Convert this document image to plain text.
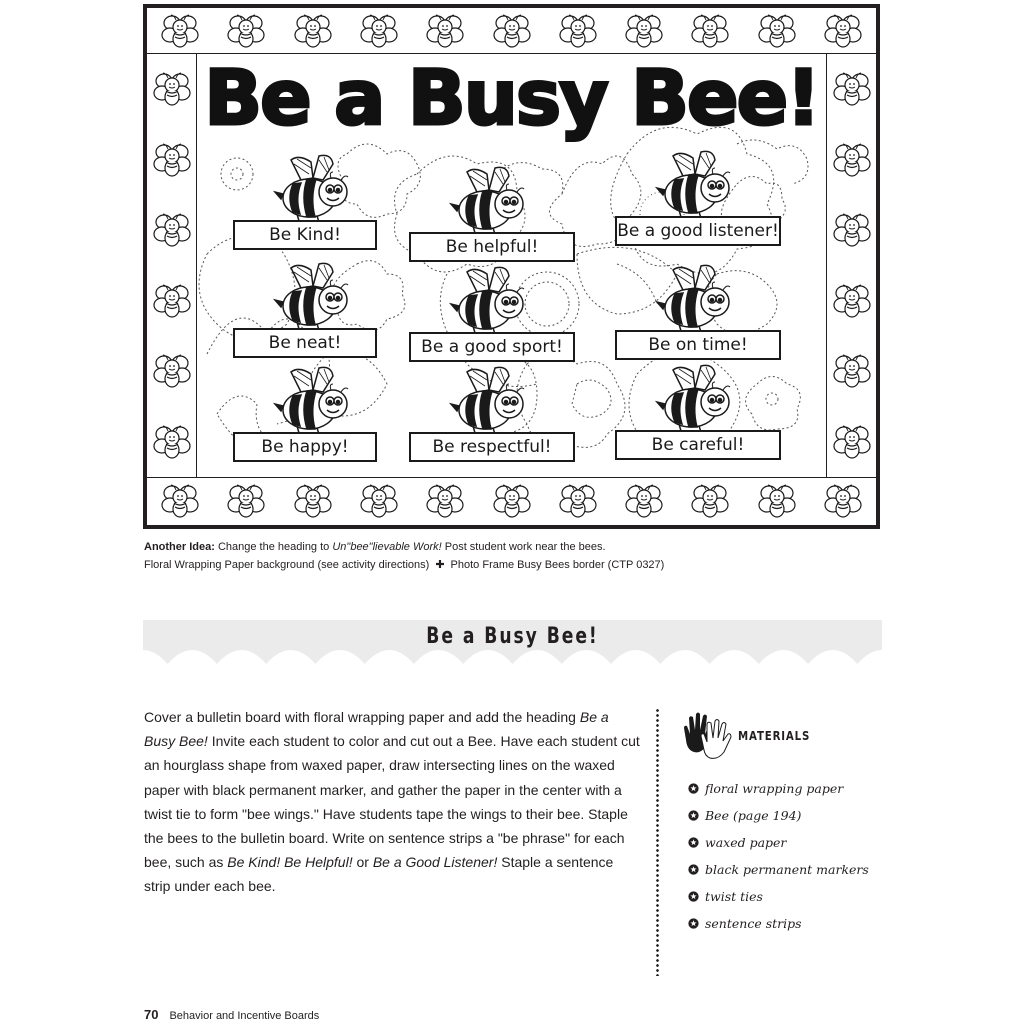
Be a Busy Bee!
Be Kind!
Be helpful!
Be a good listener!
Be neat!	Be a good sport!	Be on time!
Be happy!	Be respectful!	Be careful!
Another Idea: Change the heading to Un"bee"lievable Work! Post student work near the bees.
Floral Wrapping Paper background (see activity directions) ✚ Photo Frame Busy Bees border (CTP 0327)
Be a Busy Bee!
Cover a bulletin board with floral wrapping paper and add the heading Be a Busy Bee! Invite each student to color and cut out a Bee. Have each student cut an hourglass shape from waxed paper, draw intersecting lines on the waxed paper with black permanent marker, and gather the paper in the center with a twist tie to form "bee wings." Have students tape the wings to their bee. Staple the bees to the bulletin board. Write on sentence strips a "be phrase" for each bee, such as Be Kind! Be Helpful! or Be a Good Listener! Staple a sentence strip under each bee.
MATERIALS
floral wrapping paper
Bee (page 194)
waxed paper
black permanent markers
twist ties
sentence strips
70 Behavior and Incentive Boards
